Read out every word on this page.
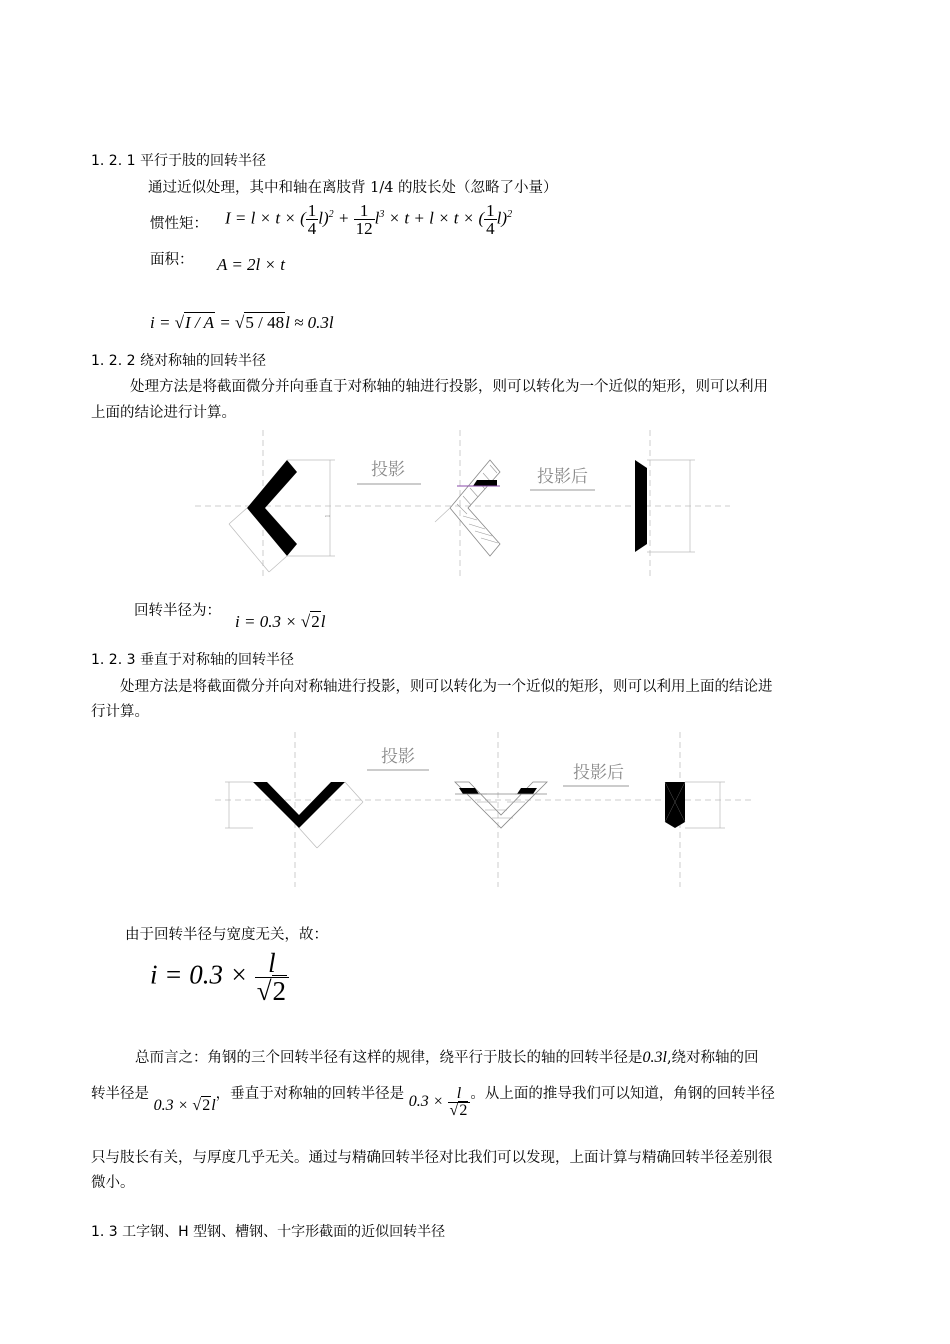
1. 2. 1 平行于肢的回转半径
通过近似处理，其中和轴在离肢背 1/4 的肢长处（忽略了小量）
惯性矩： I = l × t × ( $\frac{1}{4} l)^2 + \frac{1}{12} l^3 \times t + l \times t$ × ( $\frac{1}{4} l)^2$
面积： A = 2l × t
i = √I / A = √5 / 48l ≈ 0.3l
1. 2. 2 绕对称轴的回转半径
处理方法是将截面微分并向垂直于对称轴的轴进行投影，则可以转化为一个近似的矩形，则可以利用
上面的结论进行计算。
l
投影	投影后
回转半径为：
i = 0.3 × √2l
1. 2. 3 垂直于对称轴的回转半径
处理方法是将截面微分并向对称轴进行投影，则可以转化为一个近似的矩形，则可以利用上面的结论进
行计算。
投影
投影后
由于回转半径与宽度无关，故：
$i = 0.3 \times \frac{l}{√2}$
总而言之：角钢的三个回转半径有这样的规律，绕平行于肢长的轴的回转半径是0.3l,绕对称轴的回
转半径是 0.3 × √2l，垂直于对称轴的回转半径是 $0.3 \times \frac{l}{√2}$ 。从上面的推导我们可以知道，角钢的回转半径
只与肢长有关，与厚度几乎无关。通过与精确回转半径对比我们可以发现，上面计算与精确回转半径差别很
微小。
1. 3 工字钢、H 型钢、槽钢、十字形截面的近似回转半径
